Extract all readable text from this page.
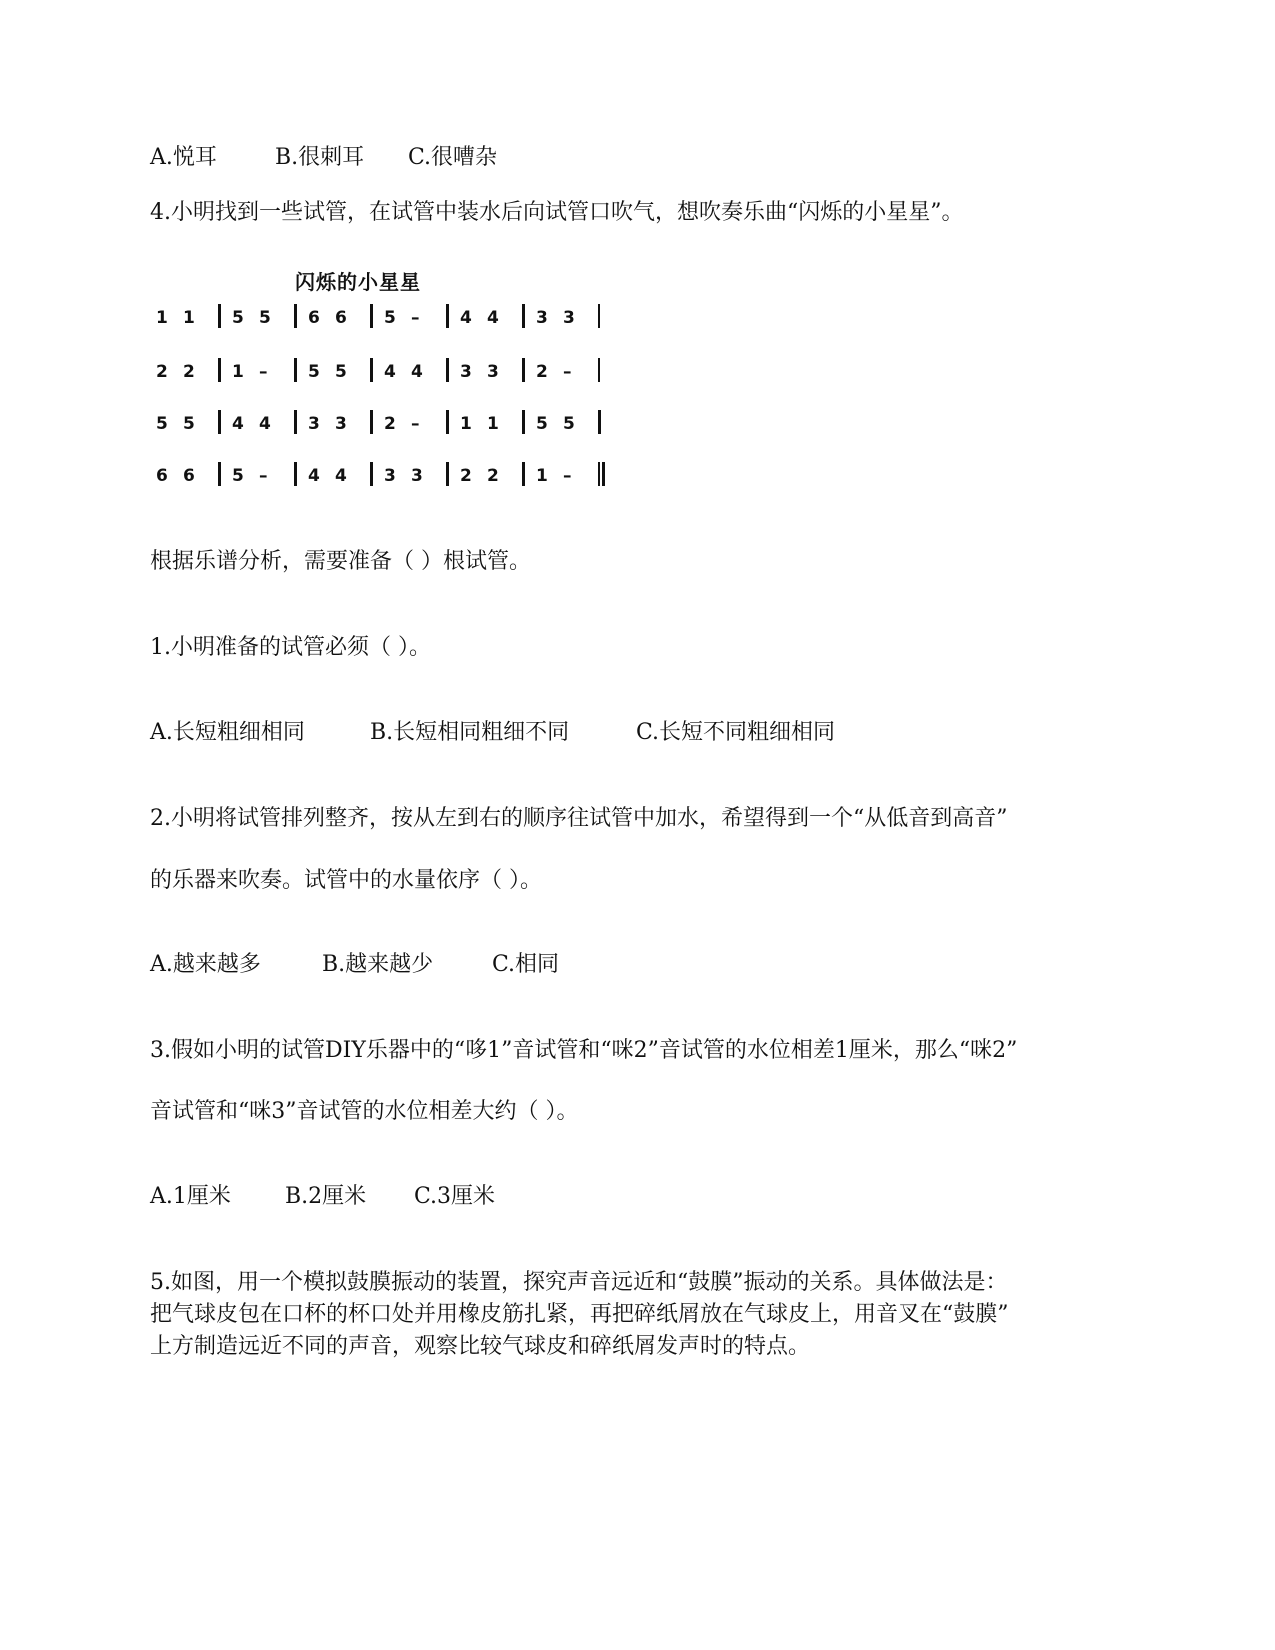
A.悦耳	B.很刺耳 C.很嘈杂
4.小明找到一些试管，在试管中装水后向试管口吹气，想吹奏乐曲“闪烁的小星星”。
闪烁的小星星
1 1 5 5 6 6 5 – 4 4 3 3
2 2 1 – 5 5 4 4 3 3 2 –
5 5 4 4 3 3 2 – 1 1 5 5
6 6 5 – 4 4 3 3 2 2 1 –
根据乐谱分析，需要准备（ ）根试管。
1.小明准备的试管必须（ ）。
A.长短粗细相同	B.长短相同粗细不同	C.长短不同粗细相同
2.小明将试管排列整齐，按从左到右的顺序往试管中加水，希望得到一个“从低音到高音”
的乐器来吹奏。试管中的水量依序（ ）。
A.越来越多	B.越来越少	C.相同
3.假如小明的试管DIY乐器中的“哆1”音试管和“咪2”音试管的水位相差1厘米，那么“咪2”
音试管和“咪3”音试管的水位相差大约（ ）。
A.1厘米 B.2厘米 C.3厘米
5.如图，用一个模拟鼓膜振动的装置，探究声音远近和“鼓膜”振动的关系。具体做法是：
把气球皮包在口杯的杯口处并用橡皮筋扎紧，再把碎纸屑放在气球皮上，用音叉在“鼓膜”
上方制造远近不同的声音，观察比较气球皮和碎纸屑发声时的特点。
